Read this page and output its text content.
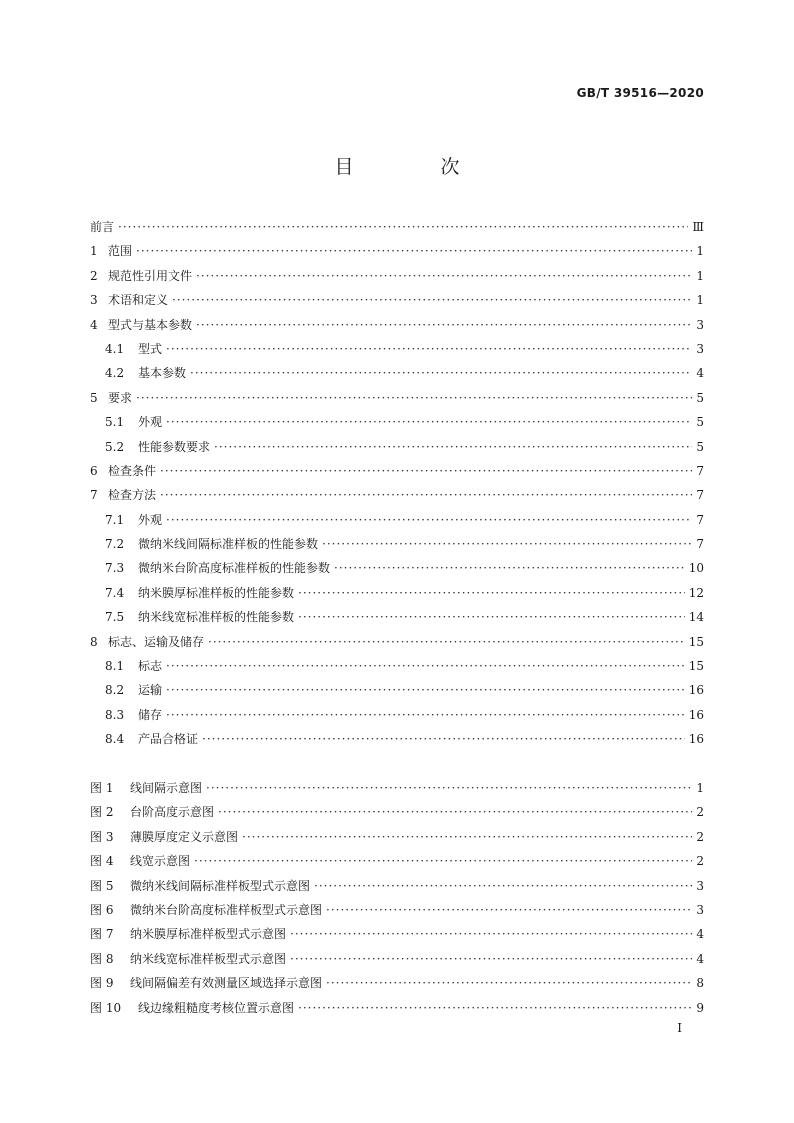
GB/T 39516—2020
目　次
前言 ·····	Ⅲ
1 范围 ·····	1
2 规范性引用文件 ·····	1
3 术语和定义 ·····	1
4 型式与基本参数 ·····	3
4.1	型式 ·····	3
4.2	基本参数 ·····	4
5 要求 ·····	5
5.1	外观 ·····	5
5.2	性能参数要求 ·····	5
6 检查条件 ·····	7
7 检查方法 ·····	7
7.1	外观 ·····	7
7.2	微纳米线间隔标准样板的性能参数 ·····	7
7.3	微纳米台阶高度标准样板的性能参数 ·····	10
7.4	纳米膜厚标准样板的性能参数 ·····	12
7.5	纳米线宽标准样板的性能参数 ·····	14
8 标志、运输及储存 ·····	15
8.1	标志 ·····	15
8.2	运输 ·····	16
8.3	储存 ·····	16
8.4	产品合格证 ·····	16
图 1	线间隔示意图 ·····	1
图 2	台阶高度示意图 ·····	2
图 3	薄膜厚度定义示意图 ·····	2
图 4	线宽示意图 ·····	2
图 5	微纳米线间隔标准样板型式示意图 ·····	3
图 6	微纳米台阶高度标准样板型式示意图 ·····	3
图 7	纳米膜厚标准样板型式示意图 ·····	4
图 8	纳米线宽标准样板型式示意图 ·····	4
图 9	线间隔偏差有效测量区域选择示意图 ·····	8
图 10	线边缘粗糙度考核位置示意图 ·····	9
I
